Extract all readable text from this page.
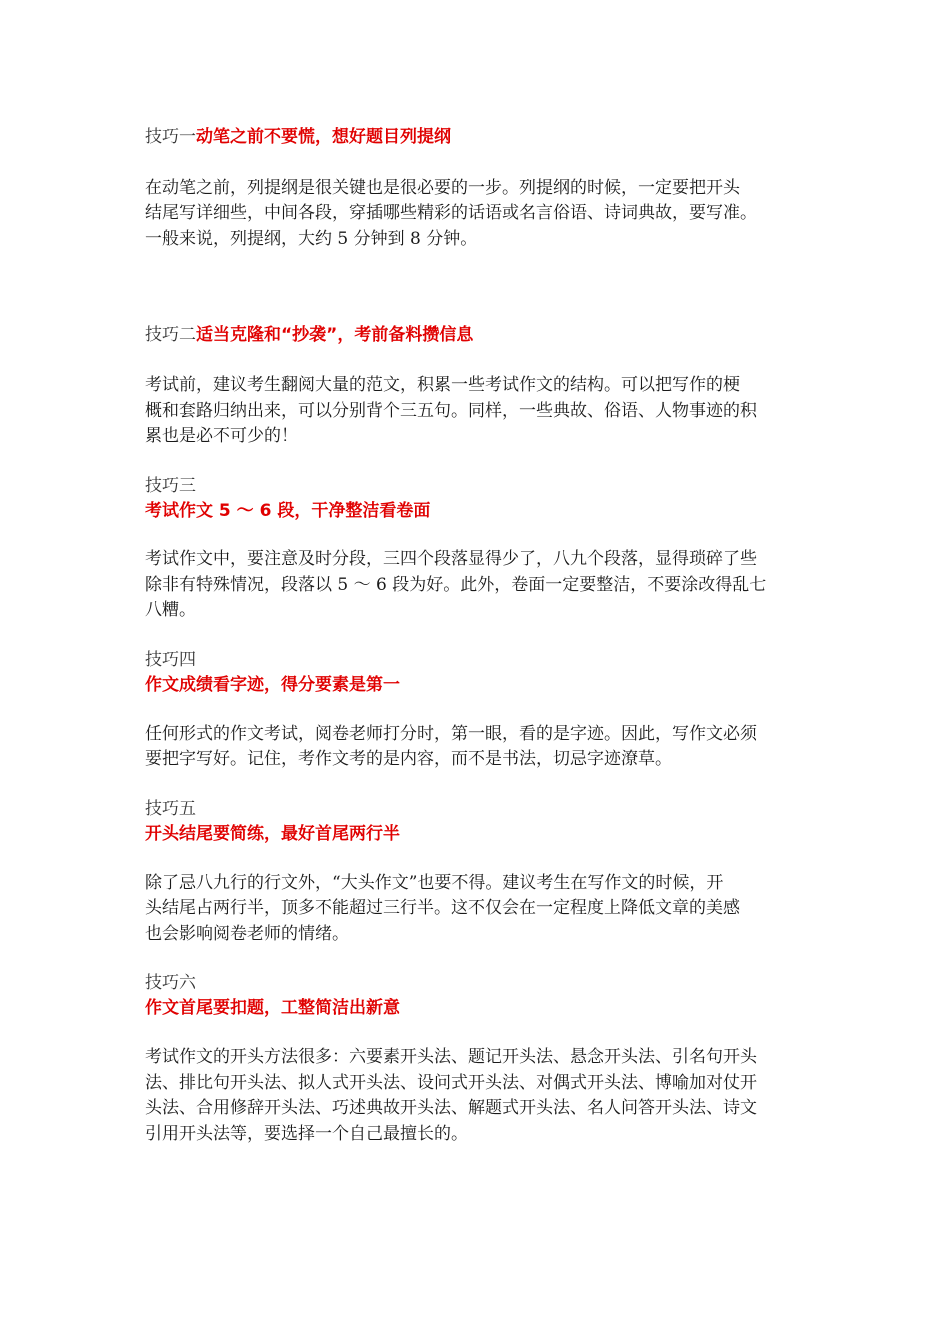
技巧一动笔之前不要慌，想好题目列提纲
在动笔之前，列提纲是很关键也是很必要的一步。列提纲的时候，一定要把开头
结尾写详细些，中间各段，穿插哪些精彩的话语或名言俗语、诗词典故，要写准。
一般来说，列提纲，大约 5 分钟到 8 分钟。
技巧二适当克隆和“抄袭”，考前备料攒信息
考试前，建议考生翻阅大量的范文，积累一些考试作文的结构。可以把写作的梗
概和套路归纳出来，可以分别背个三五句。同样，一些典故、俗语、人物事迹的积
累也是必不可少的！
技巧三
考试作文 5 ～ 6 段，干净整洁看卷面
考试作文中，要注意及时分段，三四个段落显得少了，八九个段落，显得琐碎了些
除非有特殊情况，段落以 5 ～ 6 段为好。此外，卷面一定要整洁，不要涂改得乱七
八糟。
技巧四
作文成绩看字迹，得分要素是第一
任何形式的作文考试，阅卷老师打分时，第一眼，看的是字迹。因此，写作文必须
要把字写好。记住，考作文考的是内容，而不是书法，切忌字迹潦草。
技巧五
开头结尾要简练，最好首尾两行半
除了忌八九行的行文外，“大头作文”也要不得。建议考生在写作文的时候，开
头结尾占两行半，顶多不能超过三行半。这不仅会在一定程度上降低文章的美感
也会影响阅卷老师的情绪。
技巧六
作文首尾要扣题，工整简洁出新意
考试作文的开头方法很多：六要素开头法、题记开头法、悬念开头法、引名句开头
法、排比句开头法、拟人式开头法、设问式开头法、对偶式开头法、博喻加对仗开
头法、合用修辞开头法、巧述典故开头法、解题式开头法、名人问答开头法、诗文
引用开头法等，要选择一个自己最擅长的。
